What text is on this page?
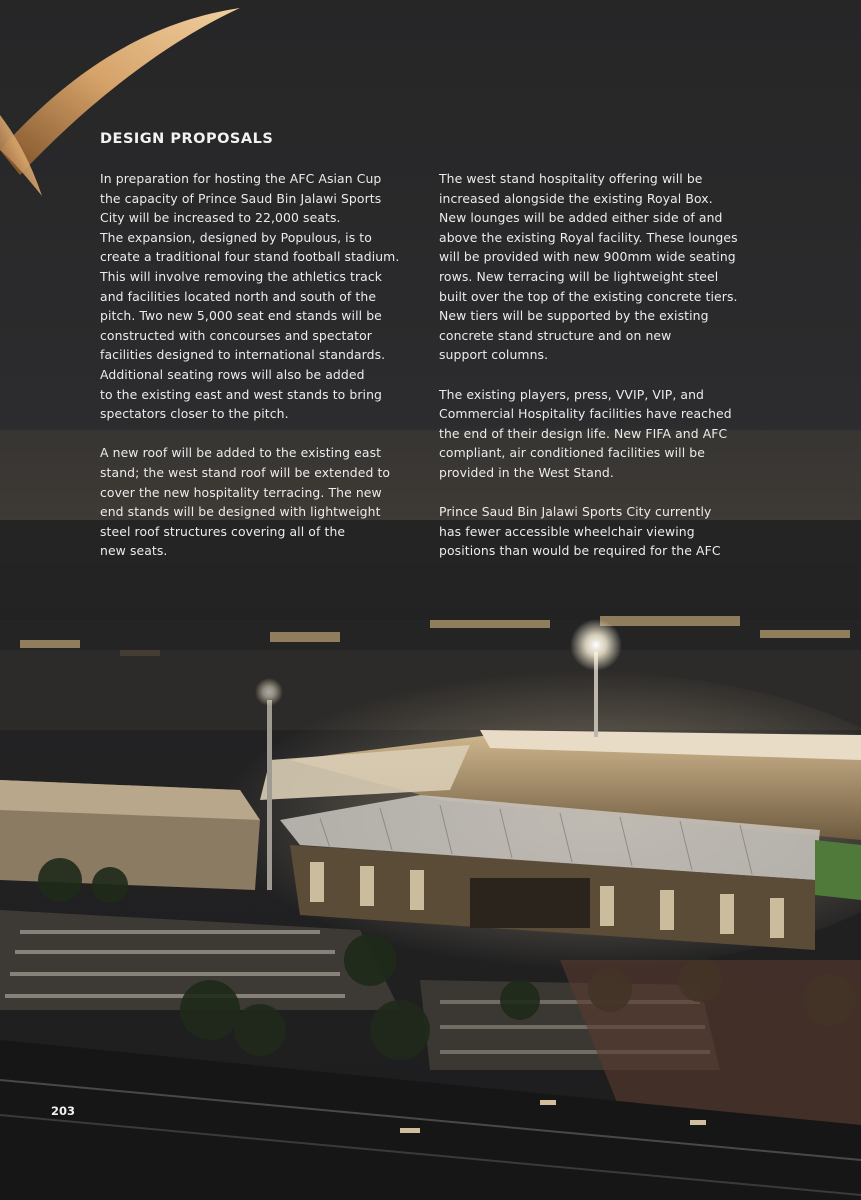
DESIGN PROPOSALS

In preparation for hosting the AFC Asian Cup
the capacity of Prince Saud Bin Jalawi Sports
City will be increased to 22,000 seats.
The expansion, designed by Populous, is to
create a traditional four stand football stadium.
This will involve removing the athletics track
and facilities located north and south of the
pitch. Two new 5,000 seat end stands will be
constructed with concourses and spectator
facilities designed to international standards.
Additional seating rows will also be added
to the existing east and west stands to bring
spectators closer to the pitch.

A new roof will be added to the existing east
stand; the west stand roof will be extended to
cover the new hospitality terracing. The new
end stands will be designed with lightweight
steel roof structures covering all of the
new seats.

The west stand hospitality offering will be
increased alongside the existing Royal Box.
New lounges will be added either side of and
above the existing Royal facility. These lounges
will be provided with new 900mm wide seating
rows. New terracing will be lightweight steel
built over the top of the existing concrete tiers.
New tiers will be supported by the existing
concrete stand structure and on new
support columns.

The existing players, press, VVIP, VIP, and
Commercial Hospitality facilities have reached
the end of their design life. New FIFA and AFC
compliant, air conditioned facilities will be
provided in the West Stand.

Prince Saud Bin Jalawi Sports City currently
has fewer accessible wheelchair viewing
positions than would be required for the AFC

203
